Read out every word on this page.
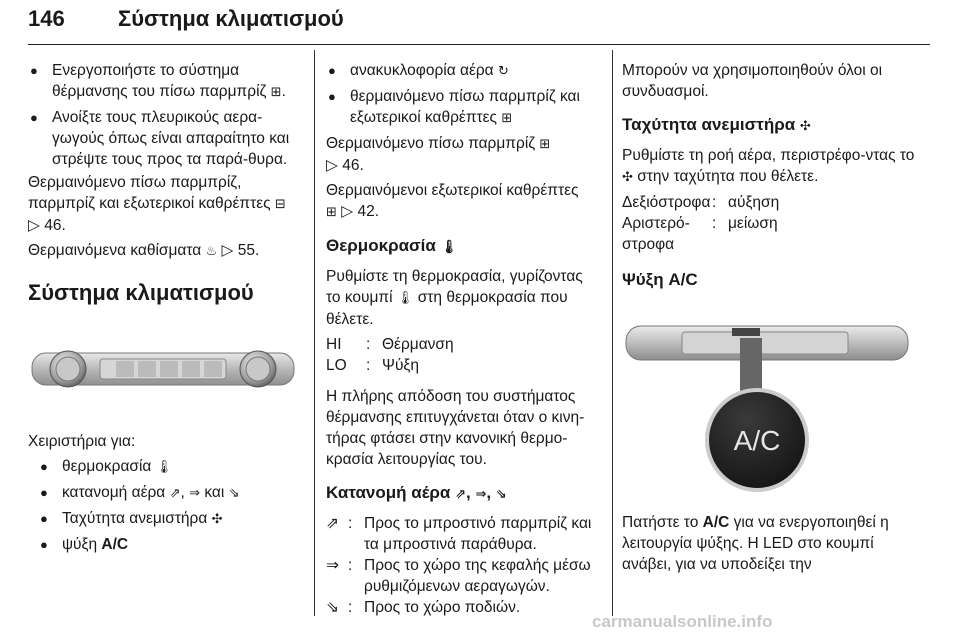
146 Σύστημα κλιματισμού

● Ενεργοποιήστε το σύστημα θέρμανσης του πίσω παρμπρίζ ⊞.

● Ανοίξτε τους πλευρικούς αερα-γωγούς όπως είναι απαραίτητο και στρέψτε τους προς τα παρά-θυρα.

Θερμαινόμενο πίσω παρμπρίζ, παρμπρίζ και εξωτερικοί καθρέπτες ⊟
▷ 46.

Θερμαινόμενα καθίσματα ♨ ▷ 55.

Σύστημα κλιματισμού

Χειριστήρια για:

● θερμοκρασία 🌡

● κατανομή αέρα ⇗, ⇒ και ⇘

● Ταχύτητα ανεμιστήρα ✣

● ψύξη A/C

● ανακυκλοφορία αέρα ↻

● θερμαινόμενο πίσω παρμπρίζ και εξωτερικοί καθρέπτες ⊞

Θερμαινόμενο πίσω παρμπρίζ ⊞
▷ 46.

Θερμαινόμενοι εξωτερικοί καθρέπτες
⊞ ▷ 42.

Θερμοκρασία 🌡

Ρυθμίστε τη θερμοκρασία, γυρίζοντας το κουμπί 🌡 στη θερμοκρασία που θέλετε.

HI	: Θέρμανση
LO	: Ψύξη

Η πλήρης απόδοση του συστήματος θέρμανσης επιτυγχάνεται όταν ο κινη-τήρας φτάσει στην κανονική θερμο-κρασία λειτουργίας του.

Κατανομή αέρα ⇗, ⇒, ⇘

⇗ : Προς το μπροστινό παρμπρίζ και τα μπροστινά παράθυρα.
⇒ : Προς το χώρο της κεφαλής μέσω ρυθμιζόμενων αεραγωγών.
⇘ : Προς το χώρο ποδιών.

Μπορούν να χρησιμοποιηθούν όλοι οι συνδυασμοί.

Ταχύτητα ανεμιστήρα ✣

Ρυθμίστε τη ροή αέρα, περιστρέφο-ντας το ✣ στην ταχύτητα που θέλετε.

Δεξιόστροφα : αύξηση
Αριστερό-στροφα
: μείωση

Ψύξη A/C

A/C

Πατήστε το A/C για να ενεργοποιηθεί η λειτουργία ψύξης. Η LED στο κουμπί ανάβει, για να υποδείξει την

carmanualsonline.info
